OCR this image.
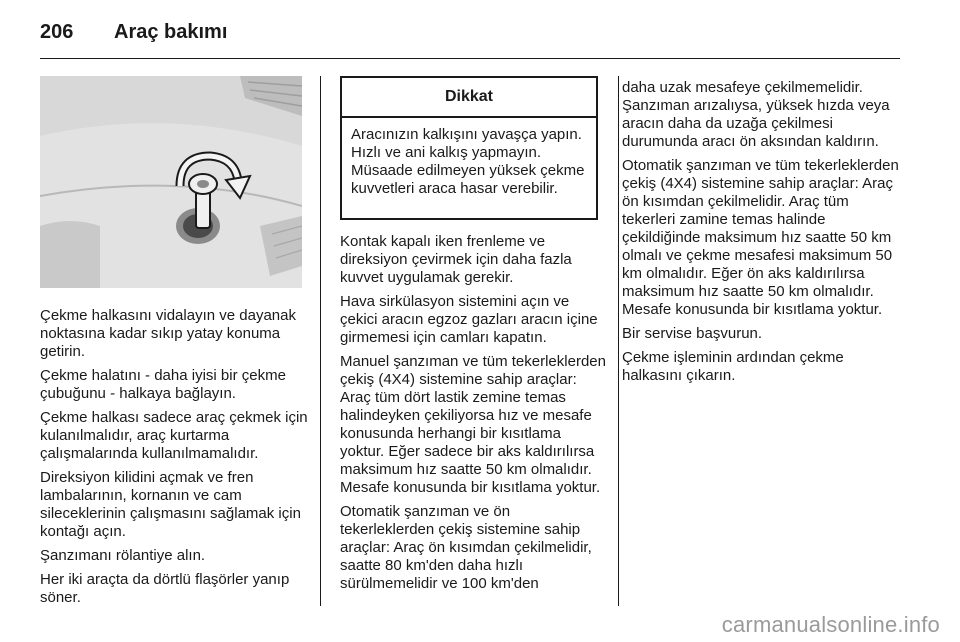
206	Araç bakımı

Çekme halkasını vidalayın ve dayanak noktasına kadar sıkıp yatay konuma getirin.

Çekme halatını - daha iyisi bir çekme çubuğunu - halkaya bağlayın.

Çekme halkası sadece araç çekmek için kulanılmalıdır, araç kurtarma çalışmalarında kullanılmamalıdır.

Direksiyon kilidini açmak ve fren lambalarının, kornanın ve cam sileceklerinin çalışmasını sağlamak için kontağı açın.

Şanzımanı rölantiye alın.

Her iki araçta da dörtlü flaşörler yanıp söner.

Dikkat
Aracınızın kalkışını yavaşça yapın. Hızlı ve ani kalkış yapmayın. Müsaade edilmeyen yüksek çekme kuvvetleri araca hasar verebilir.

Kontak kapalı iken frenleme ve direksiyon çevirmek için daha fazla kuvvet uygulamak gerekir.

Hava sirkülasyon sistemini açın ve çekici aracın egzoz gazları aracın içine girmemesi için camları kapatın.

Manuel şanzıman ve tüm tekerleklerden çekiş (4X4) sistemine sahip araçlar: Araç tüm dört lastik zemine temas halindeyken çekiliyorsa hız ve mesafe konusunda herhangi bir kısıtlama yoktur. Eğer sadece bir aks kaldırılırsa maksimum hız saatte 50 km olmalıdır. Mesafe konusunda bir kısıtlama yoktur.

Otomatik şanzıman ve ön tekerleklerden çekiş sistemine sahip araçlar: Araç ön kısımdan çekilmelidir, saatte 80 km'den daha hızlı sürülmemelidir ve 100 km'den

daha uzak mesafeye çekilmemelidir. Şanzıman arızalıysa, yüksek hızda veya aracın daha da uzağa çekilmesi durumunda aracı ön aksından kaldırın.

Otomatik şanzıman ve tüm tekerleklerden çekiş (4X4) sistemine sahip araçlar: Araç ön kısımdan çekilmelidir. Araç tüm tekerleri zamine temas halinde çekildiğinde maksimum hız saatte 50 km olmalı ve çekme mesafesi maksimum 50 km olmalıdır. Eğer ön aks kaldırılırsa maksimum hız saatte 50 km olmalıdır. Mesafe konusunda bir kısıtlama yoktur.

Bir servise başvurun.

Çekme işleminin ardından çekme halkasını çıkarın.

carmanualsonline.info
